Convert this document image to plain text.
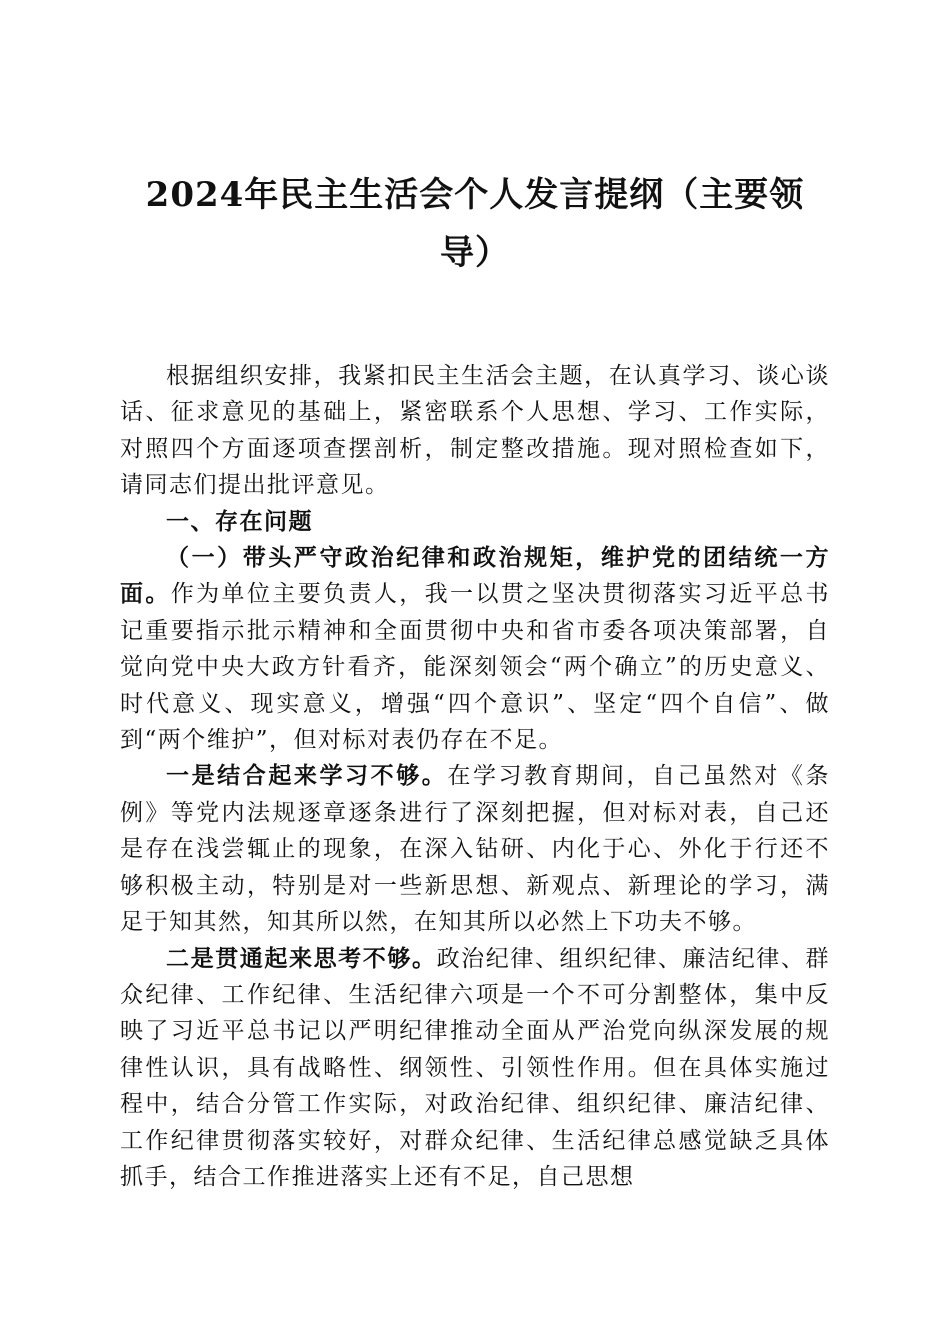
2024年民主生活会个人发言提纲（主要领导）

根据组织安排，我紧扣民主生活会主题，在认真学习、谈心谈话、征求意见的基础上，紧密联系个人思想、学习、工作实际，对照四个方面逐项查摆剖析，制定整改措施。现对照检查如下，请同志们提出批评意见。

一、存在问题

（一）带头严守政治纪律和政治规矩，维护党的团结统一方面。作为单位主要负责人，我一以贯之坚决贯彻落实习近平总书记重要指示批示精神和全面贯彻中央和省市委各项决策部署，自觉向党中央大政方针看齐，能深刻领会“两个确立”的历史意义、时代意义、现实意义，增强“四个意识”、坚定“四个自信”、做到“两个维护”，但对标对表仍存在不足。

一是结合起来学习不够。在学习教育期间，自己虽然对《条例》等党内法规逐章逐条进行了深刻把握，但对标对表，自己还是存在浅尝辄止的现象，在深入钻研、内化于心、外化于行还不够积极主动，特别是对一些新思想、新观点、新理论的学习，满足于知其然，知其所以然，在知其所以必然上下功夫不够。

二是贯通起来思考不够。政治纪律、组织纪律、廉洁纪律、群众纪律、工作纪律、生活纪律六项是一个不可分割整体，集中反映了习近平总书记以严明纪律推动全面从严治党向纵深发展的规律性认识，具有战略性、纲领性、引领性作用。但在具体实施过程中，结合分管工作实际，对政治纪律、组织纪律、廉洁纪律、工作纪律贯彻落实较好，对群众纪律、生活纪律总感觉缺乏具体抓手，结合工作推进落实上还有不足，自己思想
